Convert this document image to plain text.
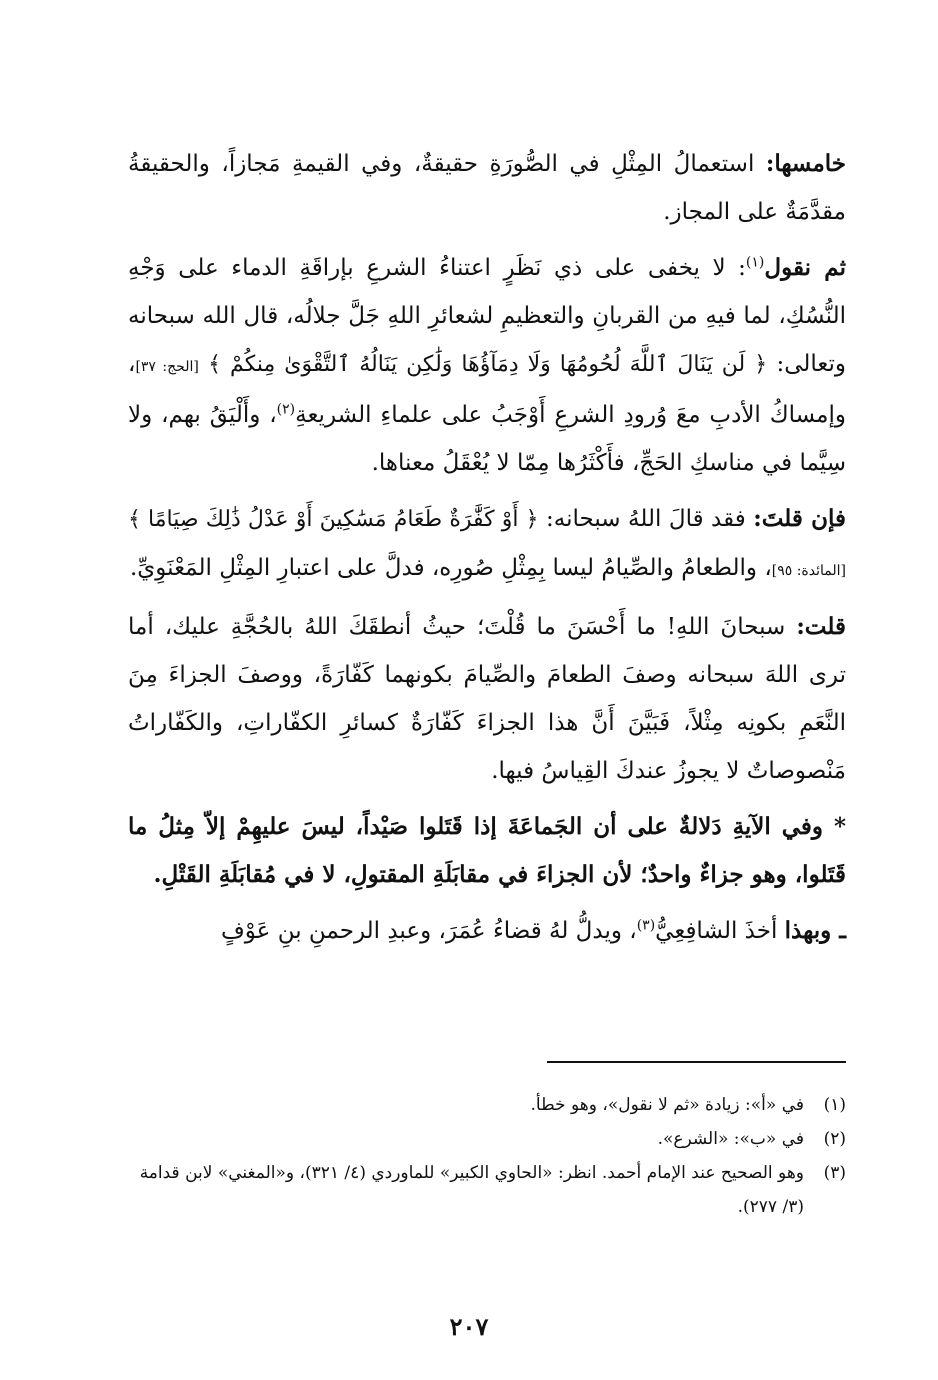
خامسها: استعمالُ المِثْلِ في الصُّورَةِ حقيقةٌ، وفي القيمةِ مَجازاً، والحقيقةُ مقدَّمَةٌ على المجاز.

ثم نقول$^{(١)}$: لا يخفى على ذي نَظَرٍ اعتناءُ الشرعِ بإراقَةِ الدماء على وَجْهِ النُّسُكِ، لما فيهِ من القربانِ والتعظيمِ لشعائرِ اللهِ جَلَّ جلالُه، قال الله سبحانه وتعالى: ﴿ لَن يَنَالَ ٱللَّهَ لُحُومُهَا وَلَا دِمَآؤُهَا وَلَٰكِن يَنَالُهُ ٱلتَّقْوَىٰ مِنكُمْ ﴾ [الحج: ٣٧]، وإمساكُ الأدبِ معَ وُرودِ الشرعِ أَوْجَبُ على علماءِ الشريعةِ$^{(٢)}$، وأَلْيَقُ بهم، ولا سِيَّما في مناسكِ الحَجِّ، فأَكْثَرُها مِمّا لا يُعْقَلُ معناها.

فإن قلتَ: فقد قالَ اللهُ سبحانه: ﴿ أَوْ كَفَّٰرَةٌ طَعَامُ مَسَٰكِينَ أَوْ عَدْلُ ذَٰلِكَ صِيَامًا ﴾ [المائدة: ٩٥]، والطعامُ والصِّيامُ ليسا بِمِثْلِ صُورِه، فدلَّ على اعتبارِ المِثْلِ المَعْنَوِيِّ.

قلت: سبحانَ اللهِ! ما أَحْسَنَ ما قُلْتَ؛ حيثُ أنطقَكَ اللهُ بالحُجَّةِ عليك، أما ترى اللهَ سبحانه وصفَ الطعامَ والصِّيامَ بكونهما كَفّارَةً، ووصفَ الجزاءَ مِنَ النَّعَمِ بكونِه مِثْلاً، فَبَيَّنَ أَنَّ هذا الجزاءَ كَفّارَةٌ كسائرِ الكفّاراتِ، والكَفّاراتُ مَنْصوصاتٌ لا يجوزُ عندكَ القِياسُ فيها.

* وفي الآيةِ دَلالةٌ على أن الجَماعَةَ إذا قَتَلوا صَيْداً، ليسَ عليهِمْ إلاّ مِثلُ ما قَتَلوا، وهو جزاءٌ واحدٌ؛ لأن الجزاءَ في مقابَلَةِ المقتولِ، لا في مُقابَلَةِ القَتْلِ.

ـ وبهذا أخذَ الشافِعِيُّ$^{(٣)}$، ويدلُّ لهُ قضاءُ عُمَرَ، وعبدِ الرحمنِ بنِ عَوْفٍ

(١)
في «أ»: زيادة «ثم لا نقول»، وهو خطأ.
(٢)
في «ب»: «الشرع».
(٣)
وهو الصحيح عند الإمام أحمد. انظر: «الحاوي الكبير» للماوردي (٤/ ٣٢١)، و«المغني» لابن قدامة (٣/ ٢٧٧).
٢٠٧
